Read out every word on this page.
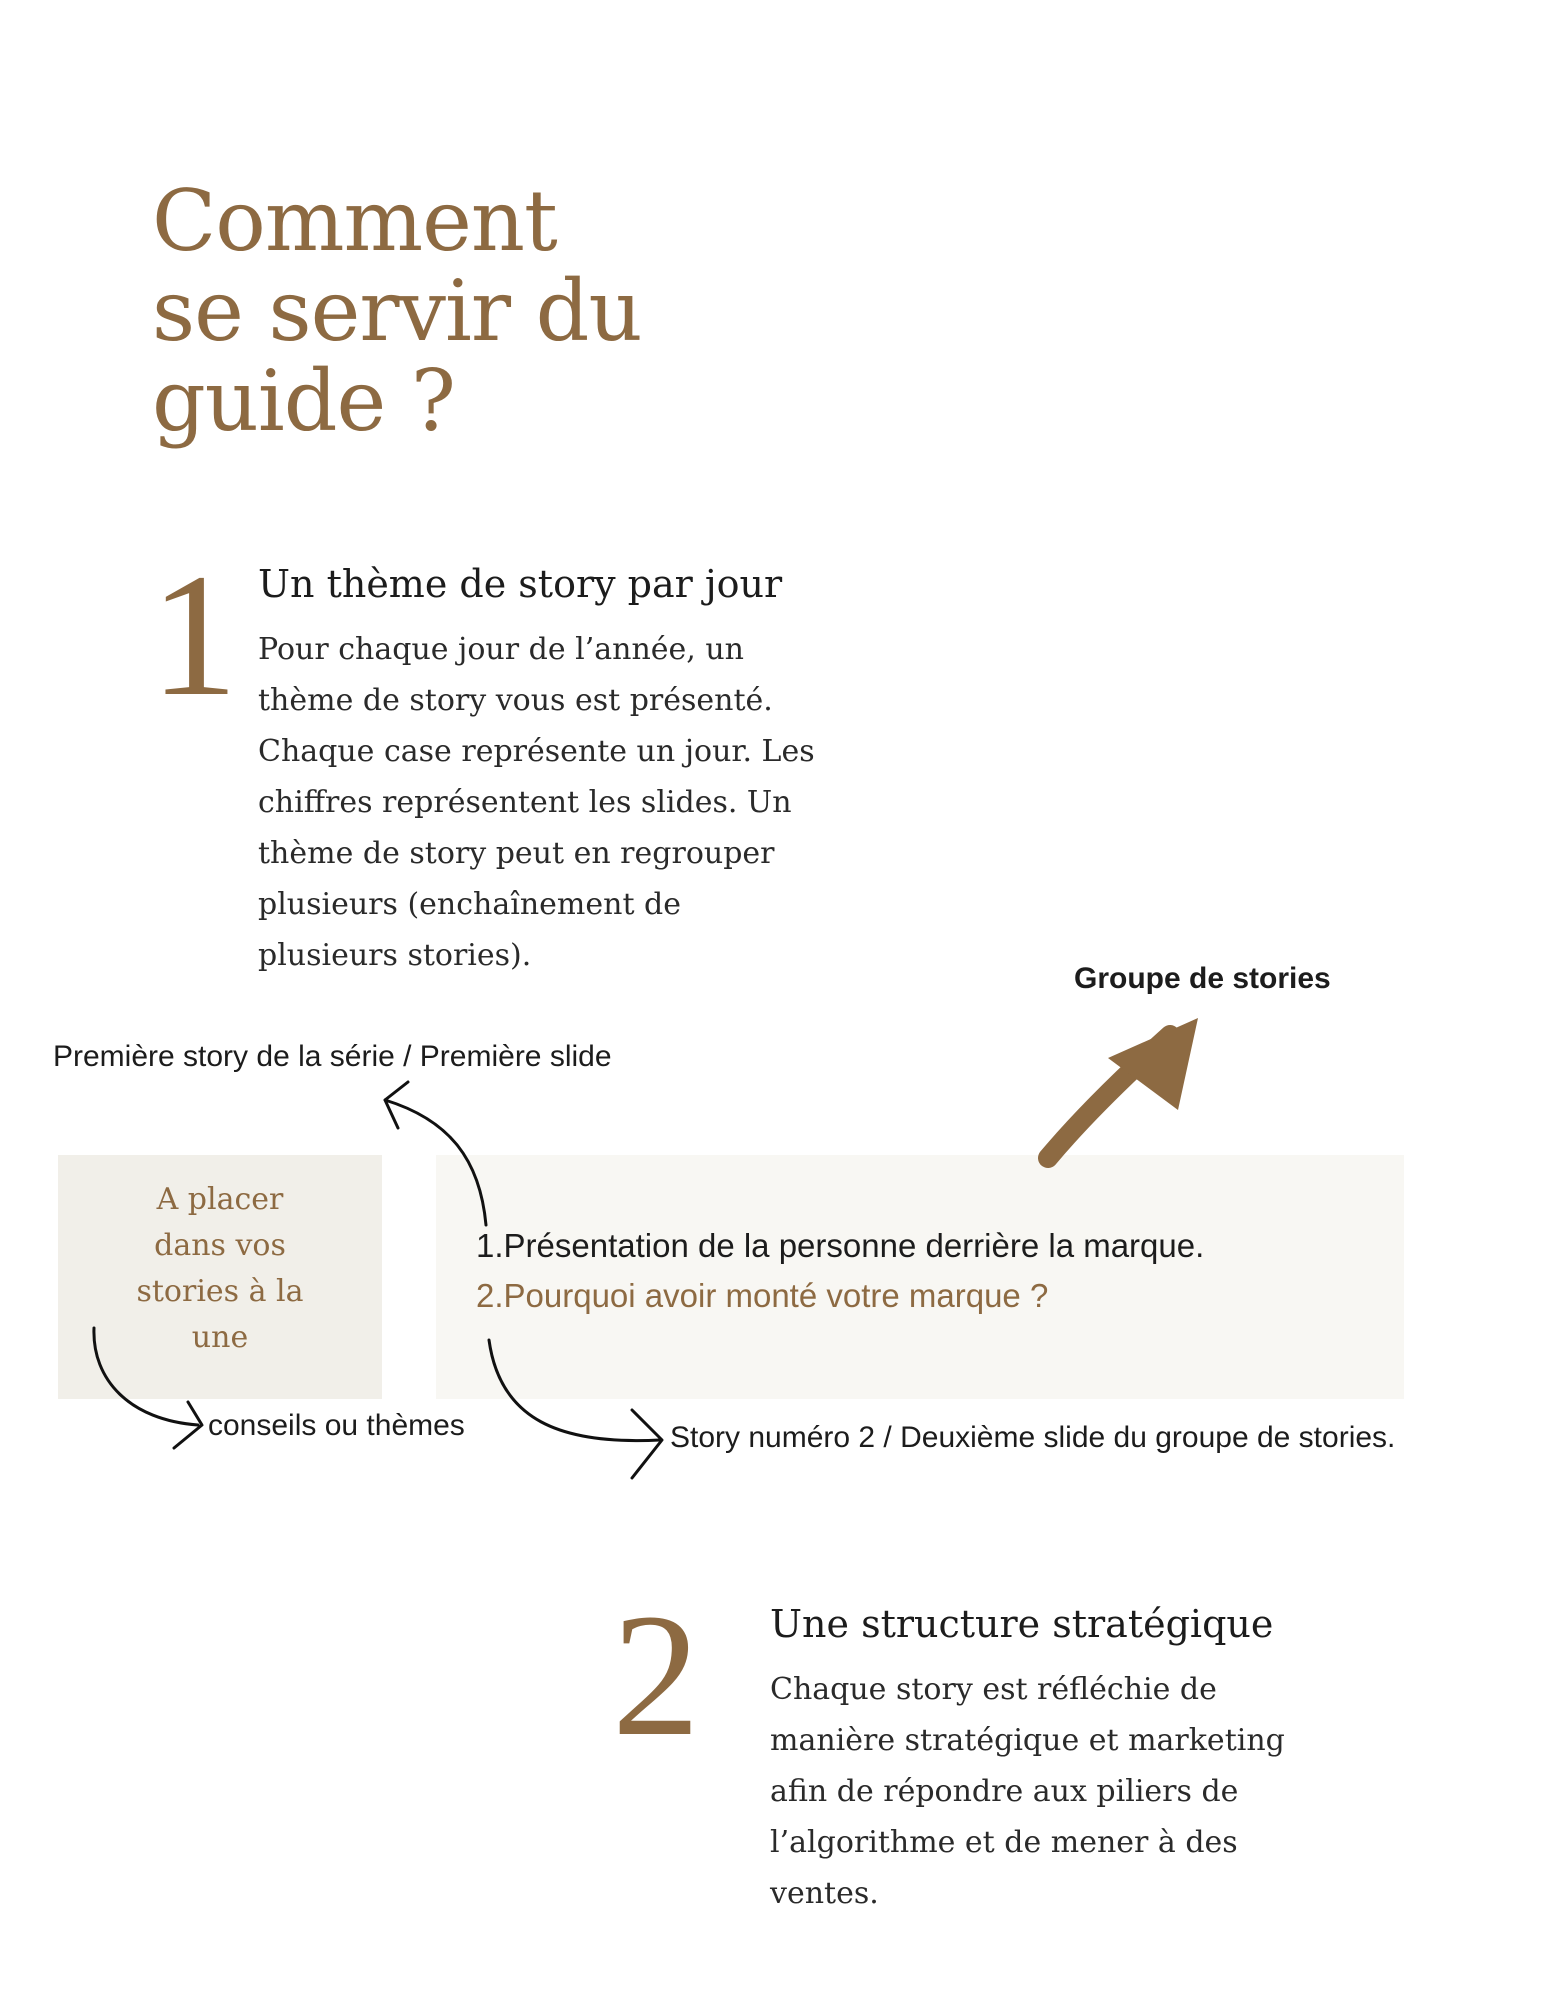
Comment
se servir du
guide ?
1 Un thème de story par jour
Pour chaque jour de l’année, un
thème de story vous est présenté.
Chaque case représente un jour. Les
chiffres représentent les slides. Un
thème de story peut en regrouper
plusieurs (enchaînement de
plusieurs stories).
Groupe de stories
Première story de la série / Première slide
A placer
dans vos
stories à la
une
1.Présentation de la personne derrière la marque.
2.Pourquoi avoir monté votre marque ?
conseils ou thèmes	Story numéro 2 / Deuxième slide du groupe de stories.
2 Une structure stratégique
Chaque story est réfléchie de
manière stratégique et marketing
afin de répondre aux piliers de
l’algorithme et de mener à des
ventes.
